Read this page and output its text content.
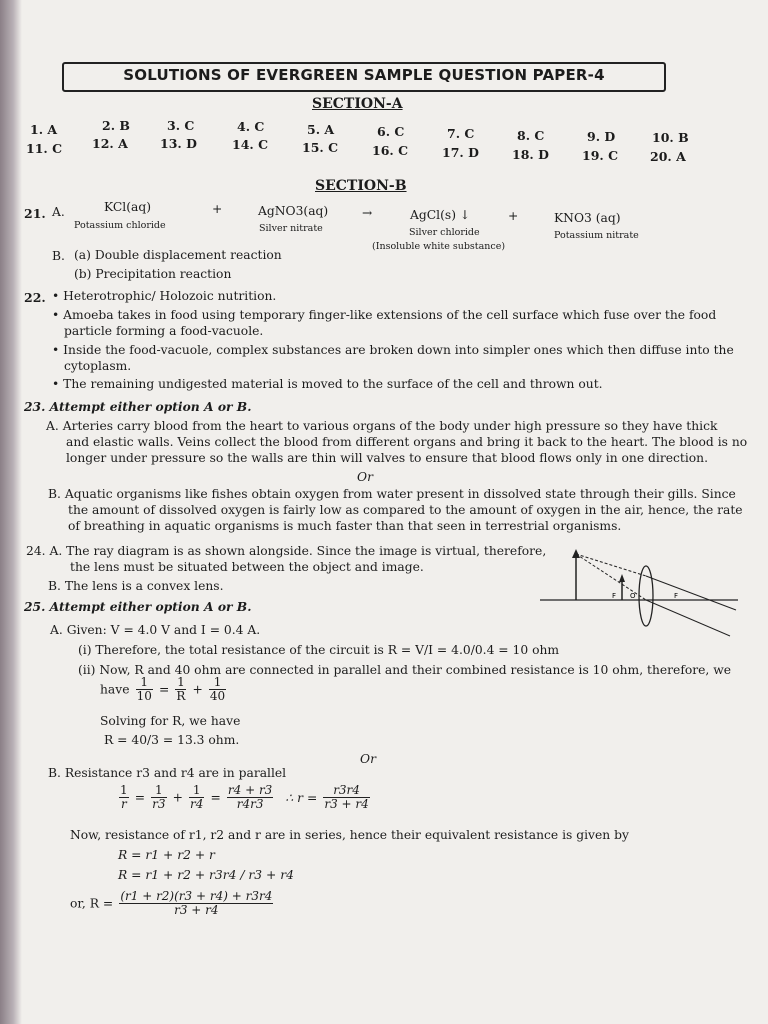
SOLUTIONS OF EVERGREEN SAMPLE QUESTION PAPER-4
SECTION-A
1. A	2. B	3. C	4. C	5. A	6. C	7. C	8. C	9. D	10. B
11. C 12. A	13. D	14. C	15. C	16. C	17. D	18. D	19. C	20. A
SECTION-B
21. A.	KCl(aq)
Potassium chloride
+	AgNO3(aq)
Silver nitrate
→	AgCl(s) ↓
Silver chloride
(Insoluble white substance)
+	KNO3 (aq)
Potassium nitrate
B. (a) Double displacement reaction
(b) Precipitation reaction
22. • Heterotrophic/ Holozoic nutrition.
• Amoeba takes in food using temporary finger-like extensions of the cell surface which fuse over the food
particle forming a food-vacuole.
• Inside the food-vacuole, complex substances are broken down into simpler ones which then diffuse into the
cytoplasm.
• The remaining undigested material is moved to the surface of the cell and thrown out.
23. Attempt either option A or B.
A. Arteries carry blood from the heart to various organs of the body under high pressure so they have thick
and elastic walls. Veins collect the blood from different organs and bring it back to the heart. The blood is no
longer under pressure so the walls are thin will valves to ensure that blood flows only in one direction.
Or
B. Aquatic organisms like fishes obtain oxygen from water present in dissolved state through their gills. Since
the amount of dissolved oxygen is fairly low as compared to the amount of oxygen in the air, hence, the rate
of breathing in aquatic organisms is much faster than that seen in terrestrial organisms.
24. A. The ray diagram is as shown alongside. Since the image is virtual, therefore,
the lens must be situated between the object and image.
B. The lens is a convex lens.
F O	F
25. Attempt either option A or B.
A. Given: V = 4.0 V and I = 0.4 A.
(i) Therefore, the total resistance of the circuit is R = V/I = 4.0/0.4 = 10 ohm
(ii) Now, R and 40 ohm are connected in parallel and their combined resistance is 10 ohm, therefore, we
have $\frac{1}{10} = \frac{1}{R} + \frac{1}{40}$
Solving for R, we have
R = 40/3 = 13.3 ohm.
Or
B. Resistance r3 and r4 are in parallel
$\frac{1}{r} = \frac{1}{r3} + \frac{1}{r4} = \frac{r4 + r3}{r4r3}$ ∴ $r = \frac{r3r4}{r3 + r4}$
Now, resistance of r1, r2 and r are in series, hence their equivalent resistance is given by
R = r1 + r2 + r
R = r1 + r2 + r3r4 / r3 + r4
or, $R = \frac{(r1 + r2)(r3 + r4) + r3r4}{r3 + r4}$
